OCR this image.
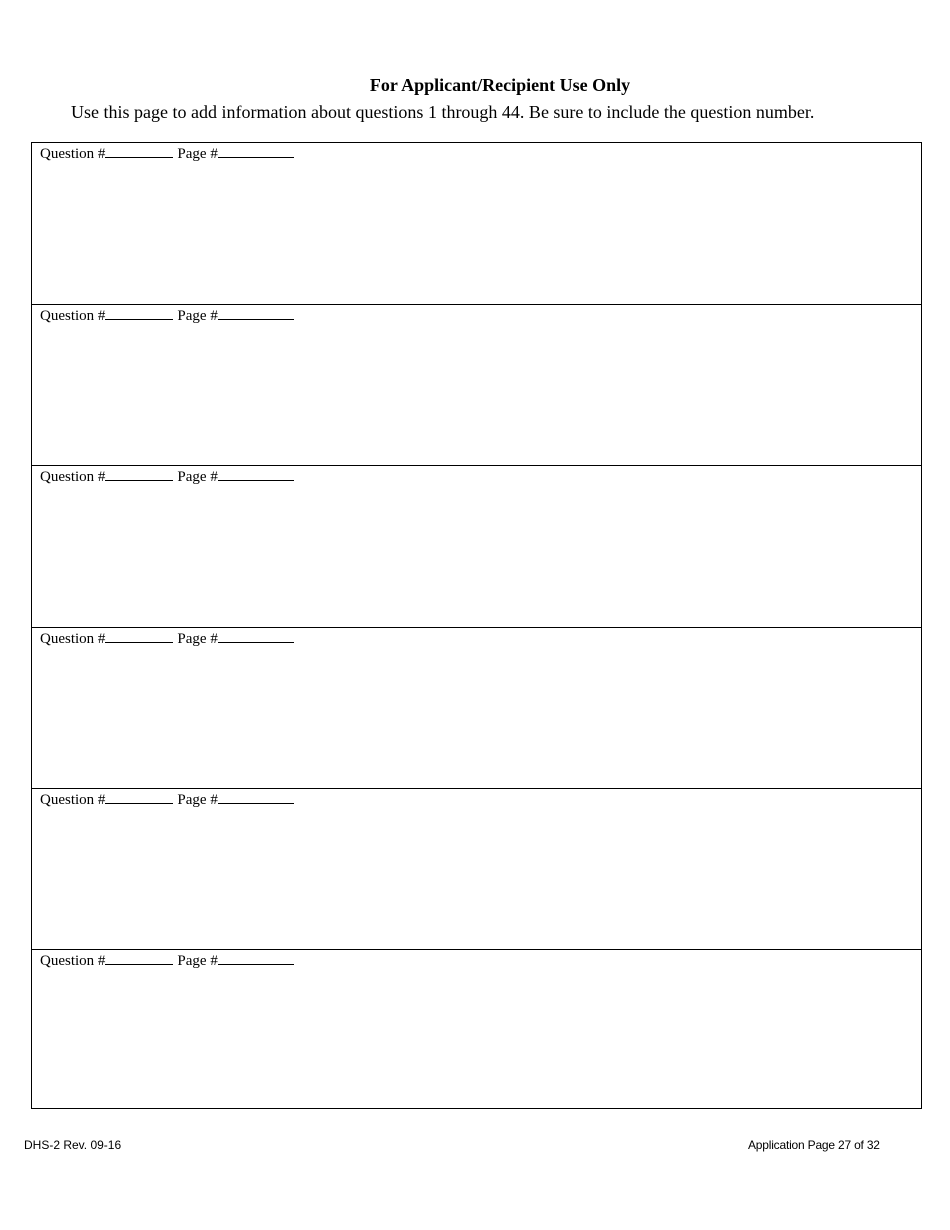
For Applicant/Recipient Use Only
Use this page to add information about questions 1 through 44. Be sure to include the question number.
Question #	Page #
Question #	Page #
Question #	Page #
Question #	Page #
Question #	Page #
Question #	Page #
DHS-2 Rev. 09-16	Application Page 27 of 32
